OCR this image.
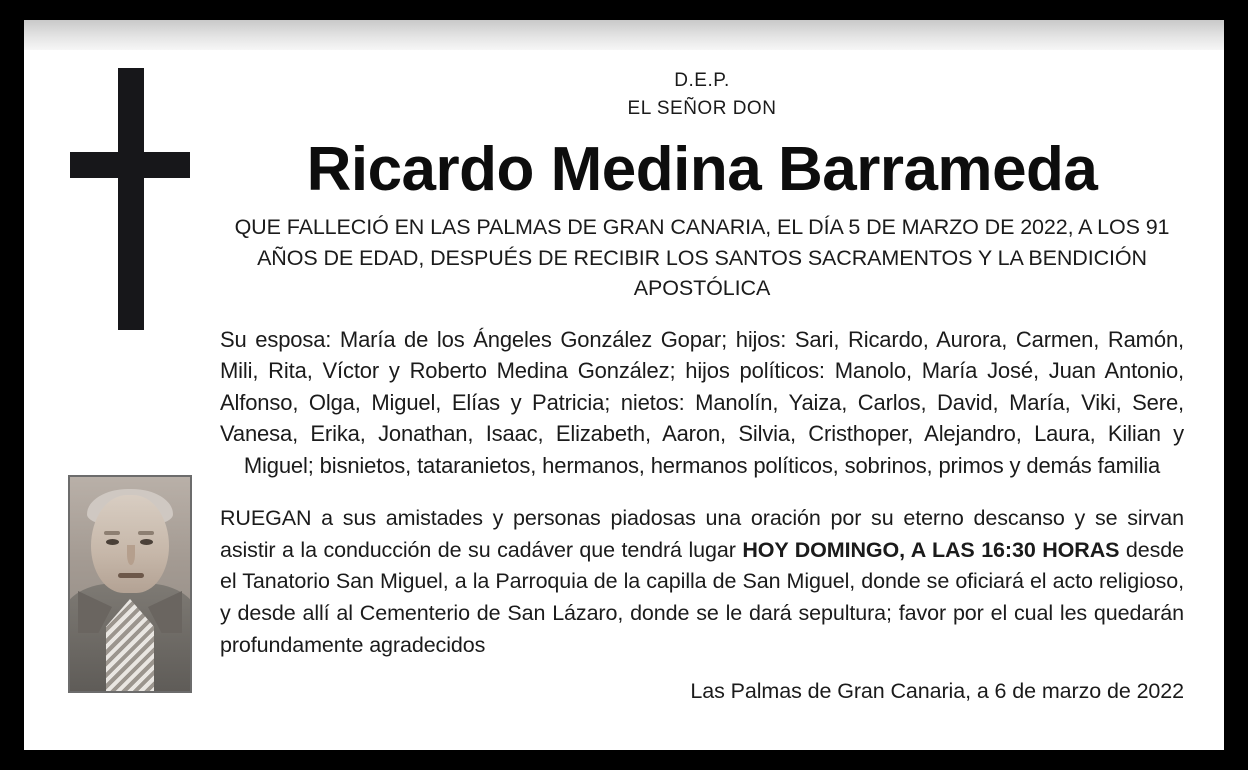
D.E.P.
EL SEÑOR DON
Ricardo Medina Barrameda
QUE FALLECIÓ EN LAS PALMAS DE GRAN CANARIA, EL DÍA 5 DE MARZO DE 2022, A LOS 91 AÑOS DE EDAD, DESPUÉS DE RECIBIR LOS SANTOS SACRAMENTOS Y LA BENDICIÓN APOSTÓLICA
Su esposa: María de los Ángeles González Gopar; hijos: Sari, Ricardo, Aurora, Carmen, Ramón, Mili, Rita, Víctor y Roberto Medina González; hijos políticos: Manolo, María José, Juan Antonio, Alfonso, Olga, Miguel, Elías y Patricia; nietos: Manolín, Yaiza, Carlos, David, María, Viki, Sere, Vanesa, Erika, Jonathan, Isaac, Elizabeth, Aaron, Silvia, Cristhoper, Alejandro, Laura, Kilian y Miguel; bisnietos, tataranietos, hermanos, hermanos políticos, sobrinos, primos y demás familia
RUEGAN a sus amistades y personas piadosas una oración por su eterno descanso y se sirvan asistir a la conducción de su cadáver que tendrá lugar HOY DOMINGO, A LAS 16:30 HORAS desde el Tanatorio San Miguel, a la Parroquia de la capilla de San Miguel, donde se oficiará el acto religioso, y desde allí al Cementerio de San Lázaro, donde se le dará sepultura; favor por el cual les quedarán profundamente agradecidos
Las Palmas de Gran Canaria, a 6 de marzo de 2022
